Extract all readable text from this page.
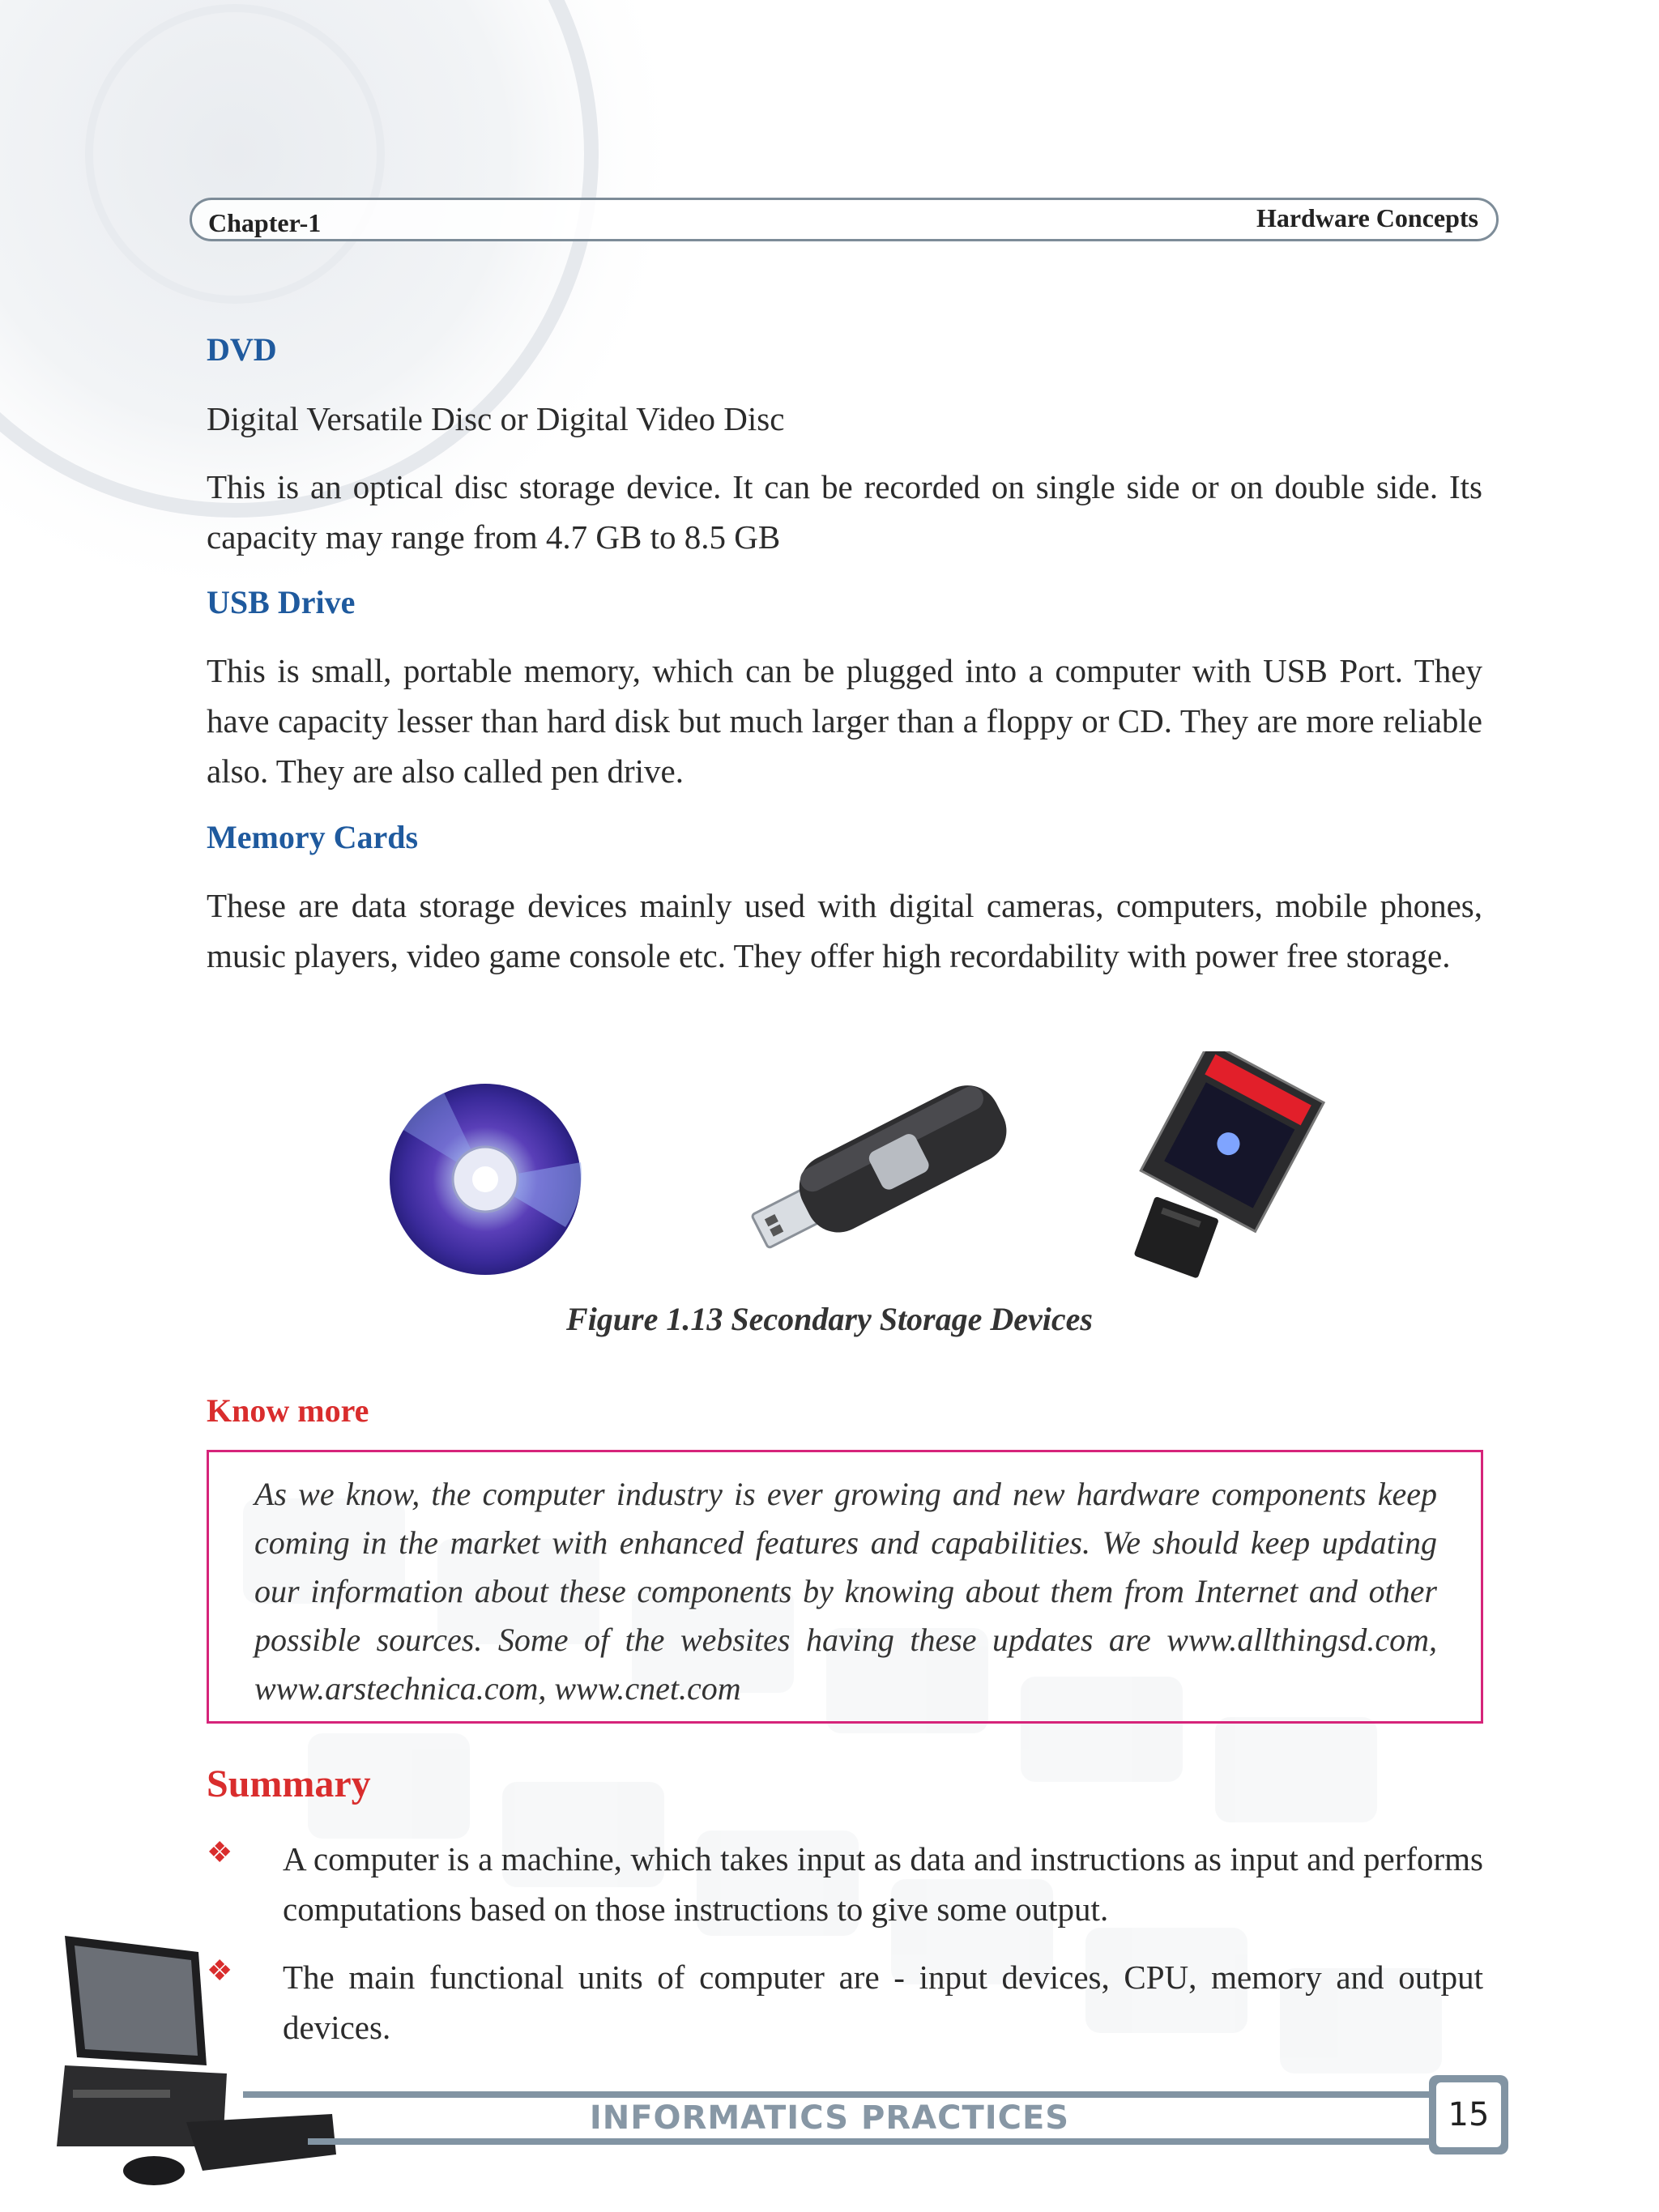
Chapter-1	Hardware Concepts
DVD
Digital Versatile Disc or Digital Video Disc
This is an optical disc storage device. It can be recorded on single side or on double side. Its capacity may range from 4.7 GB to 8.5 GB
USB Drive
This is small, portable memory, which can be plugged into a computer with USB Port. They have capacity lesser than hard disk but much larger than a floppy or CD. They are more reliable also. They are also called pen drive.
Memory Cards
These are data storage devices mainly used with digital cameras, computers, mobile phones, music players, video game console etc. They offer high recordability with power free storage.
Figure 1.13 Secondary Storage Devices
Know more

As we know, the computer industry is ever growing and new hardware components keep coming in the market with enhanced features and capabilities. We should keep updating our information about these components by knowing about them from Internet and other possible sources. Some of the websites having these updates are www.allthingsd.com, www.arstechnica.com, www.cnet.com

Summary
❖ A computer is a machine, which takes input as data and instructions as input and performs computations based on those instructions to give some output.
❖ The main functional units of computer are - input devices, CPU, memory and output devices.
INFORMATICS PRACTICES	15
